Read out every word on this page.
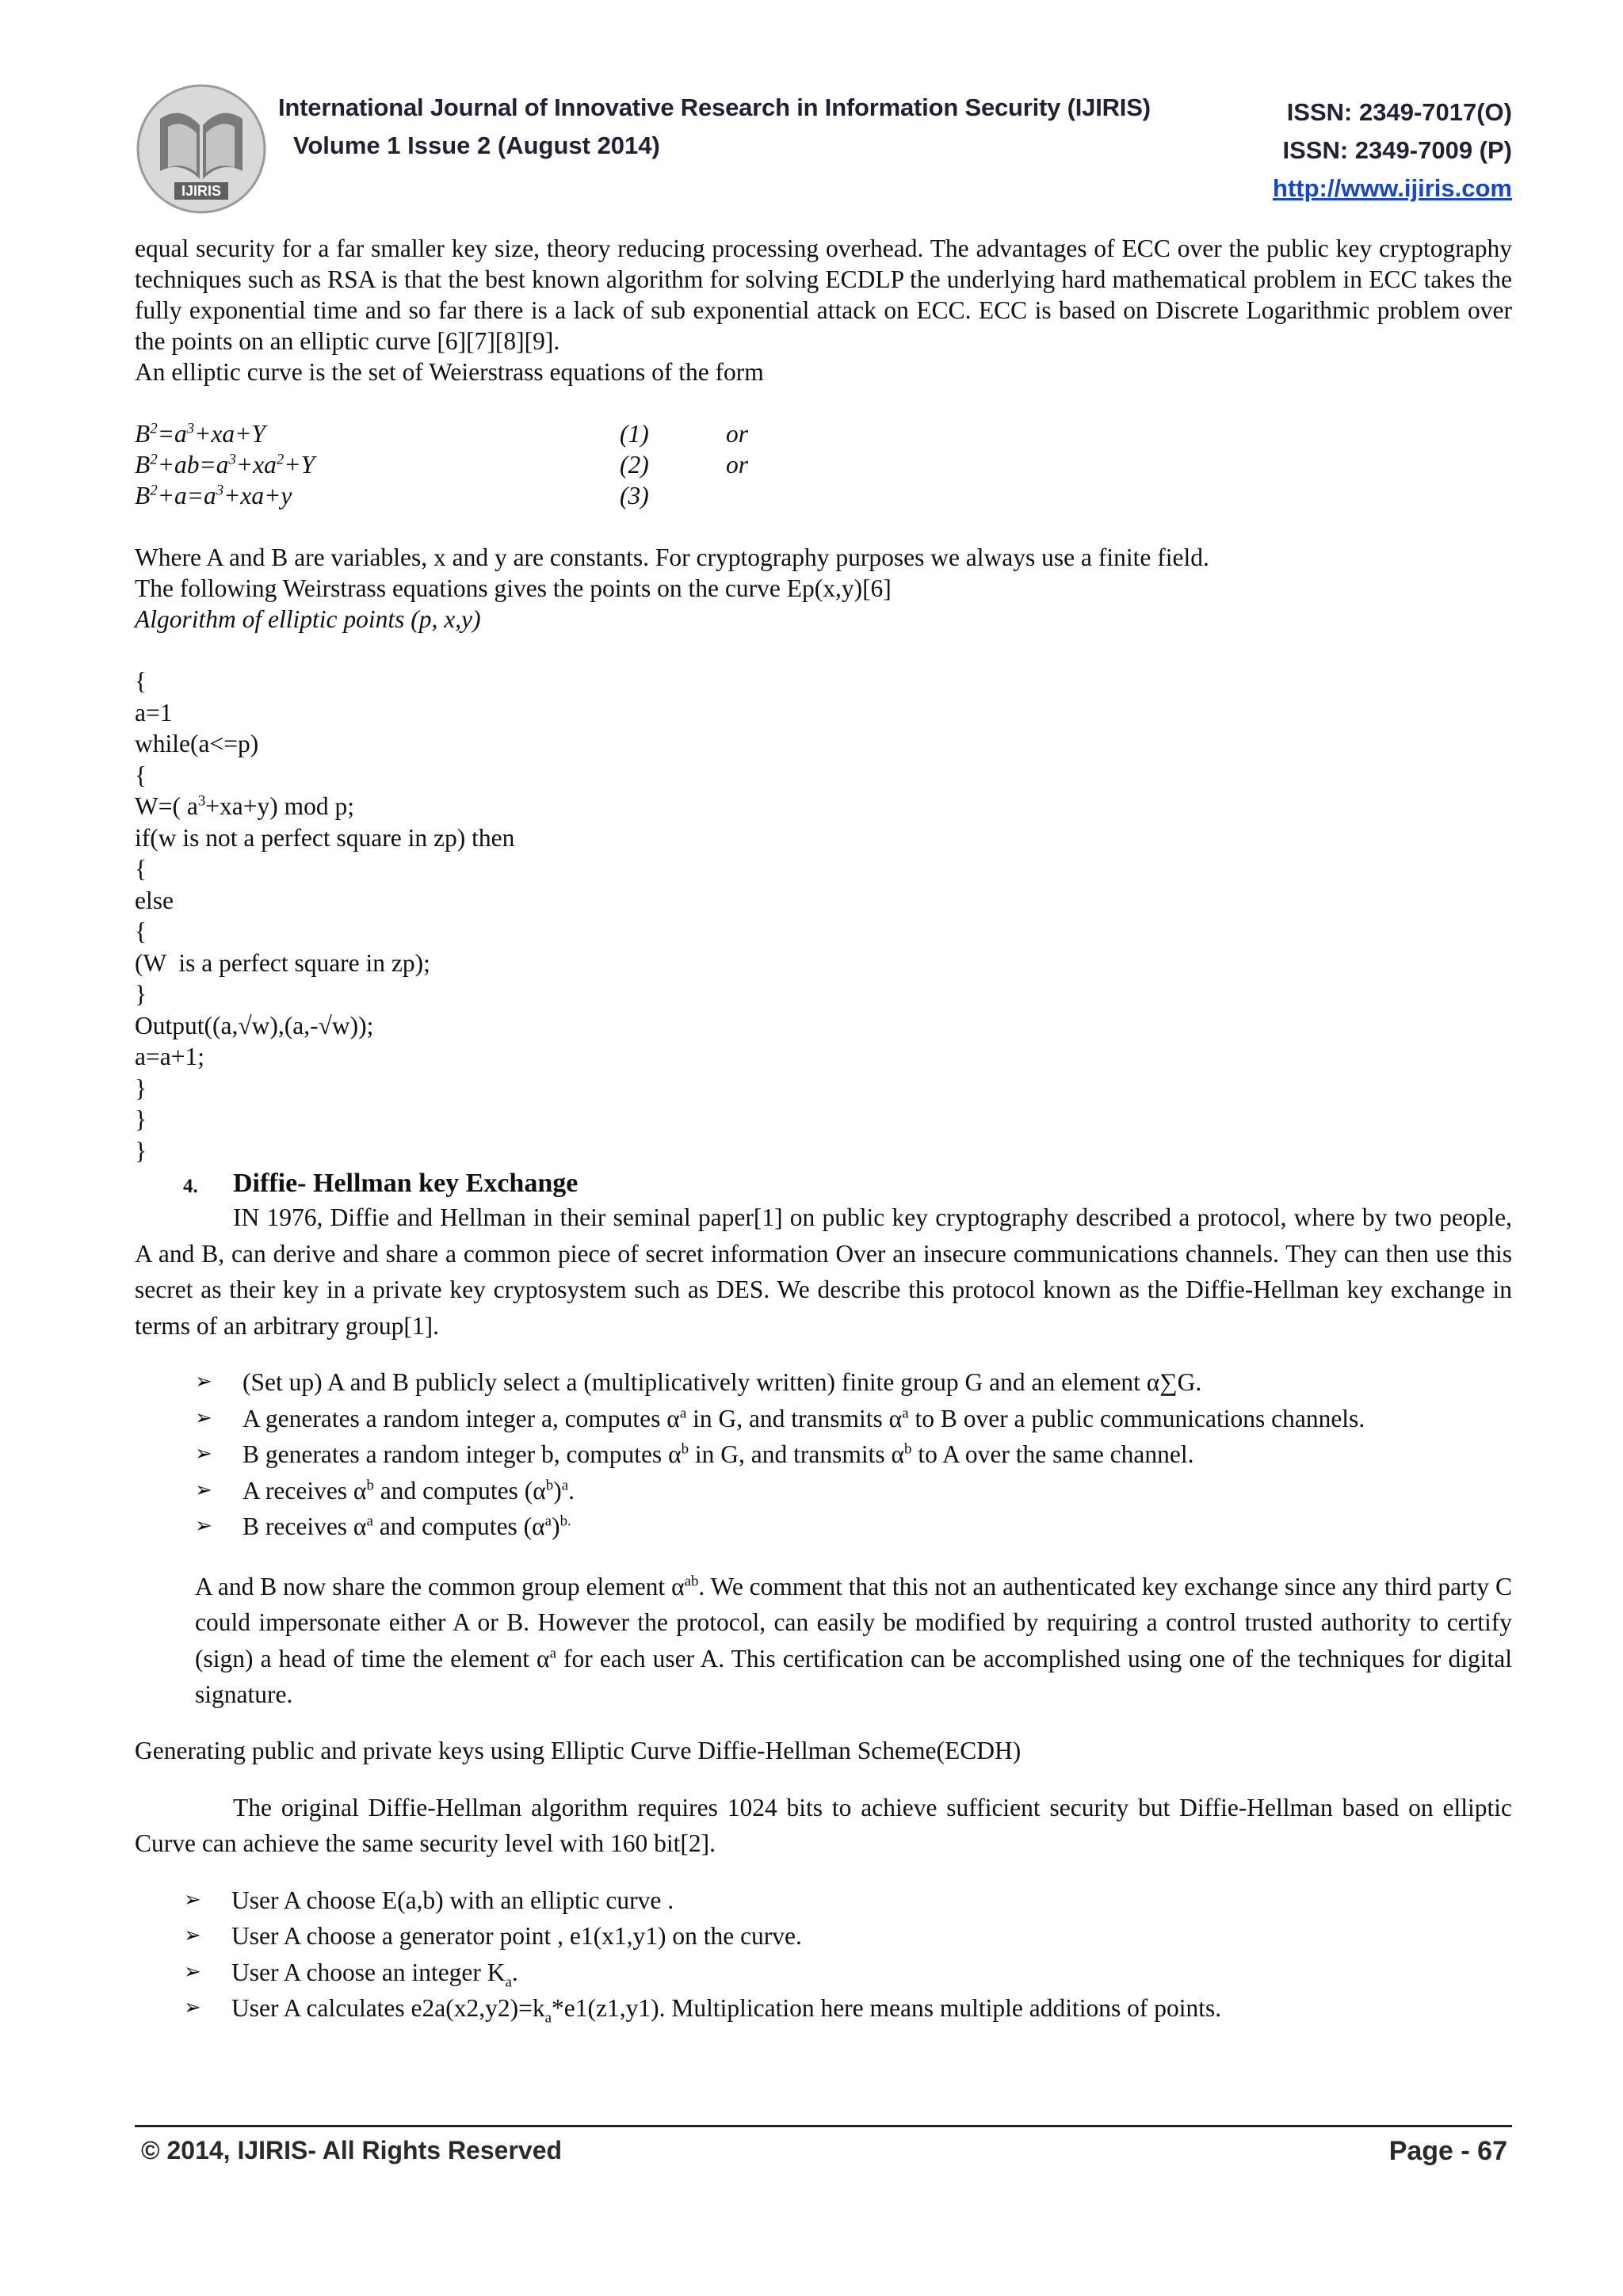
IJIRIS
International Journal of Innovative Research in Information Security (IJIRIS)
Volume 1 Issue 2 (August 2014)
ISSN: 2349-7017(O)
ISSN: 2349-7009 (P)
http://www.ijiris.com

equal security for a far smaller key size, theory reducing processing overhead. The advantages of ECC over the public key cryptography techniques such as RSA is that the best known algorithm for solving ECDLP the underlying hard mathematical problem in ECC takes the fully exponential time and so far there is a lack of sub exponential attack on ECC. ECC is based on Discrete Logarithmic problem over the points on an elliptic curve [6][7][8][9].

An elliptic curve is the set of Weierstrass equations of the form

$B^2=a^3+xa+Y$	(1)	or
$B^2+ab=a^3+xa^2+Y$	(2)	or
$B^2+a=a^3+xa+y$	(3)

Where A and B are variables, x and y are constants. For cryptography purposes we always use a finite field.

The following Weirstrass equations gives the points on the curve Ep(x,y)[6]

Algorithm of elliptic points (p, x,y)

{
a=1
while(a<=p)
{
W=( $a^3+xa+y$) mod p;
if(w is not a perfect square in zp) then
{
else
{
(W  is a perfect square in zp);
}
Output((a,√w),(a,-√w));
a=a+1;
}
}
}
4. Diffie- Hellman key Exchange

IN 1976, Diffie and Hellman in their seminal paper[1] on public key cryptography described a protocol, where by two people, A and B, can derive and share a common piece of secret information Over an insecure communications channels. They can then use this secret as their key in a private key cryptosystem such as DES. We describe this protocol known as the Diffie-Hellman key exchange in terms of an arbitrary group[1].

➢ (Set up) A and B publicly select a (multiplicatively written) finite group G and an element α∑G.
➢ A generates a random integer a, computes $\alpha^a$ in G, and transmits $\alpha^a$ to B over a public communications channels.
➢ B generates a random integer b, computes $\alpha^b$ in G, and transmits $\alpha^b$ to A over the same channel.
➢ A receives $\alpha^b$ and computes $(\alpha^b)^a$.
➢ B receives $\alpha^a$ and computes $(\alpha^a)^{b.}$

A and B now share the common group element $\alpha^{ab}$. We comment that this not an authenticated key exchange since any third party C could impersonate either A or B. However the protocol, can easily be modified by requiring a control trusted authority to certify (sign) a head of time the element $\alpha^a$ for each user A. This certification can be accomplished using one of the techniques for digital signature.

Generating public and private keys using Elliptic Curve Diffie-Hellman Scheme(ECDH)

The original Diffie-Hellman algorithm requires 1024 bits to achieve sufficient security but Diffie-Hellman based on elliptic Curve can achieve the same security level with 160 bit[2].

➢ User A choose E(a,b) with an elliptic curve .
➢ User A choose a generator point , e1(x1,y1) on the curve.
➢ User A choose an integer $K_a$.
➢ User A calculates $e2a(x2,y2)=k_a*e1(z1,y1)$. Multiplication here means multiple additions of points.
© 2014, IJIRIS- All Rights Reserved	Page - 67
